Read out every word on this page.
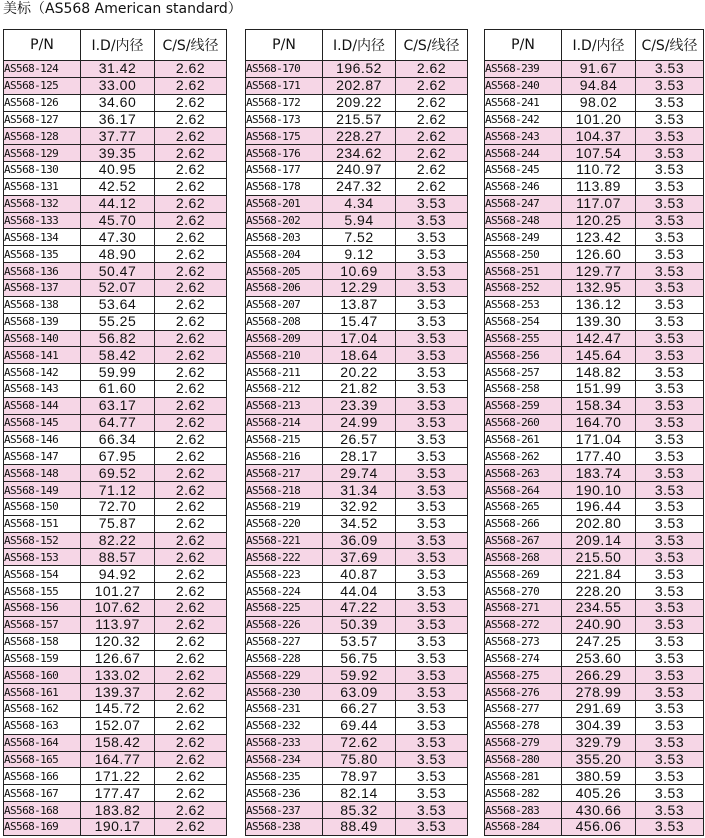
美标（AS568 American standard）
P/N	I.D/内径	C/S/线径
AS568-124	31.42	2.62
AS568-125	33.00	2.62
AS568-126	34.60	2.62
AS568-127	36.17	2.62
AS568-128	37.77	2.62
AS568-129	39.35	2.62
AS568-130	40.95	2.62
AS568-131	42.52	2.62
AS568-132	44.12	2.62
AS568-133	45.70	2.62
AS568-134	47.30	2.62
AS568-135	48.90	2.62
AS568-136	50.47	2.62
AS568-137	52.07	2.62
AS568-138	53.64	2.62
AS568-139	55.25	2.62
AS568-140	56.82	2.62
AS568-141	58.42	2.62
AS568-142	59.99	2.62
AS568-143	61.60	2.62
AS568-144	63.17	2.62
AS568-145	64.77	2.62
AS568-146	66.34	2.62
AS568-147	67.95	2.62
AS568-148	69.52	2.62
AS568-149	71.12	2.62
AS568-150	72.70	2.62
AS568-151	75.87	2.62
AS568-152	82.22	2.62
AS568-153	88.57	2.62
AS568-154	94.92	2.62
AS568-155	101.27	2.62
AS568-156	107.62	2.62
AS568-157	113.97	2.62
AS568-158	120.32	2.62
AS568-159	126.67	2.62
AS568-160	133.02	2.62
AS568-161	139.37	2.62
AS568-162	145.72	2.62
AS568-163	152.07	2.62
AS568-164	158.42	2.62
AS568-165	164.77	2.62
AS568-166	171.22	2.62
AS568-167	177.47	2.62
AS568-168	183.82	2.62
AS568-169	190.17	2.62
P/N	I.D/内径	C/S/线径
AS568-170	196.52	2.62
AS568-171	202.87	2.62
AS568-172	209.22	2.62
AS568-173	215.57	2.62
AS568-175	228.27	2.62
AS568-176	234.62	2.62
AS568-177	240.97	2.62
AS568-178	247.32	2.62
AS568-201	4.34	3.53
AS568-202	5.94	3.53
AS568-203	7.52	3.53
AS568-204	9.12	3.53
AS568-205	10.69	3.53
AS568-206	12.29	3.53
AS568-207	13.87	3.53
AS568-208	15.47	3.53
AS568-209	17.04	3.53
AS568-210	18.64	3.53
AS568-211	20.22	3.53
AS568-212	21.82	3.53
AS568-213	23.39	3.53
AS568-214	24.99	3.53
AS568-215	26.57	3.53
AS568-216	28.17	3.53
AS568-217	29.74	3.53
AS568-218	31.34	3.53
AS568-219	32.92	3.53
AS568-220	34.52	3.53
AS568-221	36.09	3.53
AS568-222	37.69	3.53
AS568-223	40.87	3.53
AS568-224	44.04	3.53
AS568-225	47.22	3.53
AS568-226	50.39	3.53
AS568-227	53.57	3.53
AS568-228	56.75	3.53
AS568-229	59.92	3.53
AS568-230	63.09	3.53
AS568-231	66.27	3.53
AS568-232	69.44	3.53
AS568-233	72.62	3.53
AS568-234	75.80	3.53
AS568-235	78.97	3.53
AS568-236	82.14	3.53
AS568-237	85.32	3.53
AS568-238	88.49	3.53
P/N	I.D/内径	C/S/线径
AS568-239	91.67	3.53
AS568-240	94.84	3.53
AS568-241	98.02	3.53
AS568-242	101.20	3.53
AS568-243	104.37	3.53
AS568-244	107.54	3.53
AS568-245	110.72	3.53
AS568-246	113.89	3.53
AS568-247	117.07	3.53
AS568-248	120.25	3.53
AS568-249	123.42	3.53
AS568-250	126.60	3.53
AS568-251	129.77	3.53
AS568-252	132.95	3.53
AS568-253	136.12	3.53
AS568-254	139.30	3.53
AS568-255	142.47	3.53
AS568-256	145.64	3.53
AS568-257	148.82	3.53
AS568-258	151.99	3.53
AS568-259	158.34	3.53
AS568-260	164.70	3.53
AS568-261	171.04	3.53
AS568-262	177.40	3.53
AS568-263	183.74	3.53
AS568-264	190.10	3.53
AS568-265	196.44	3.53
AS568-266	202.80	3.53
AS568-267	209.14	3.53
AS568-268	215.50	3.53
AS568-269	221.84	3.53
AS568-270	228.20	3.53
AS568-271	234.55	3.53
AS568-272	240.90	3.53
AS568-273	247.25	3.53
AS568-274	253.60	3.53
AS568-275	266.29	3.53
AS568-276	278.99	3.53
AS568-277	291.69	3.53
AS568-278	304.39	3.53
AS568-279	329.79	3.53
AS568-280	355.20	3.53
AS568-281	380.59	3.53
AS568-282	405.26	3.53
AS568-283	430.66	3.53
AS568-284	456.06	3.53
